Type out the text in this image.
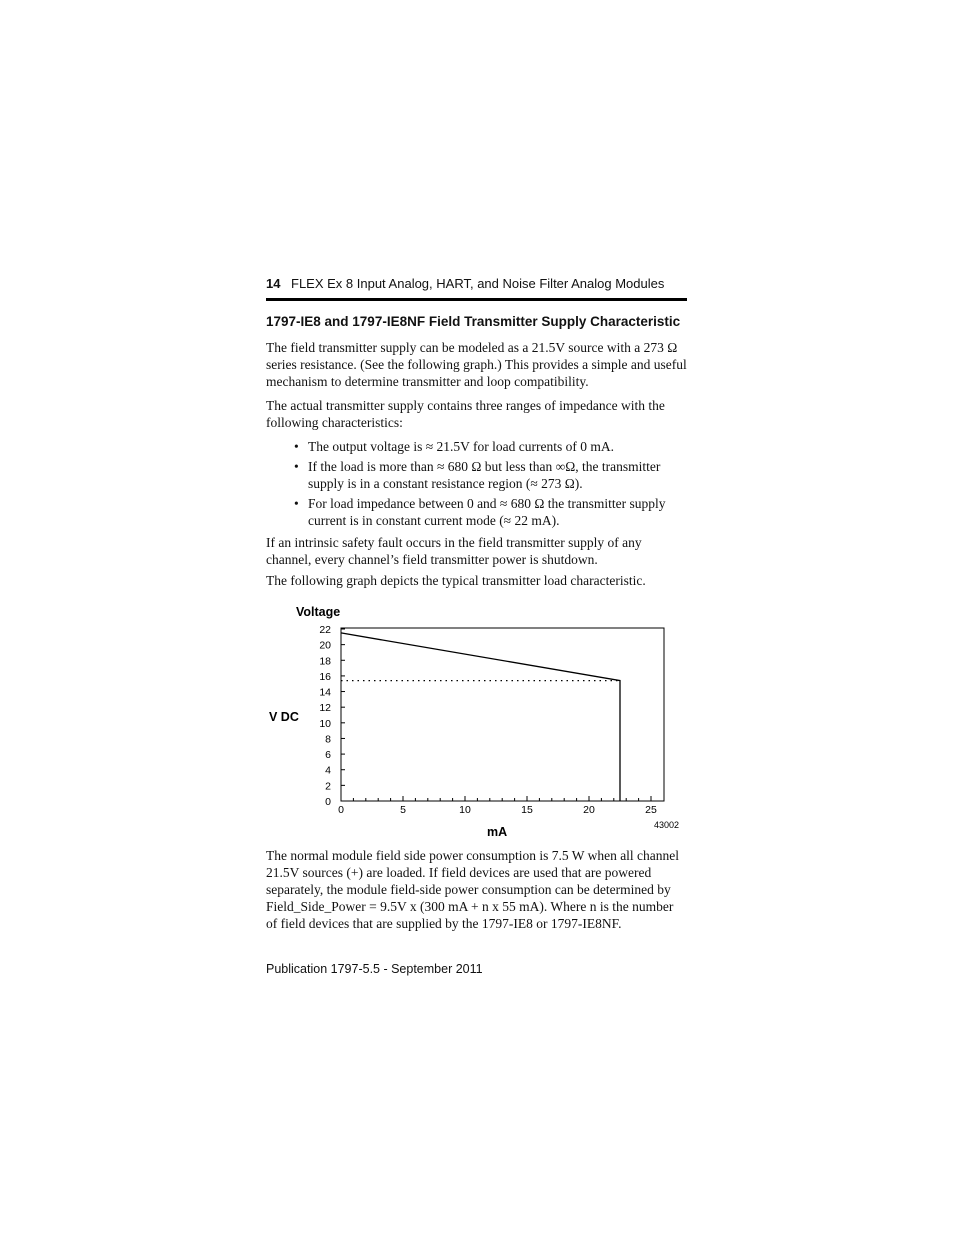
14 FLEX Ex 8 Input Analog, HART, and Noise Filter Analog Modules
1797-IE8 and 1797-IE8NF Field Transmitter Supply Characteristic

The field transmitter supply can be modeled as a 21.5V source with a 273 Ω series resistance. (See the following graph.) This provides a simple and useful mechanism to determine transmitter and loop compatibility.

The actual transmitter supply contains three ranges of impedance with the following characteristics:

• The output voltage is ≈ 21.5V for load currents of 0 mA.
• If the load is more than ≈ 680 Ω but less than ∞Ω, the transmitter supply is in a constant resistance region (≈ 273 Ω).
• For load impedance between 0 and ≈ 680 Ω the transmitter supply current is in constant current mode (≈ 22 mA).

If an intrinsic safety fault occurs in the field transmitter supply of any channel, every channel’s field transmitter power is shutdown.

The following graph depicts the typical transmitter load characteristic.

Voltage
V DC
mA	43002
0
2
4
6
8
10
12
14
16
18
20
22
0	5	10	15	20	25

The normal module field side power consumption is 7.5 W when all channel 21.5V sources (+) are loaded. If field devices are used that are powered separately, the module field-side power consumption can be determined by Field_Side_Power = 9.5V x (300 mA + n x 55 mA). Where n is the number of field devices that are supplied by the 1797-IE8 or 1797-IE8NF.

Publication 1797-5.5 - September 2011
